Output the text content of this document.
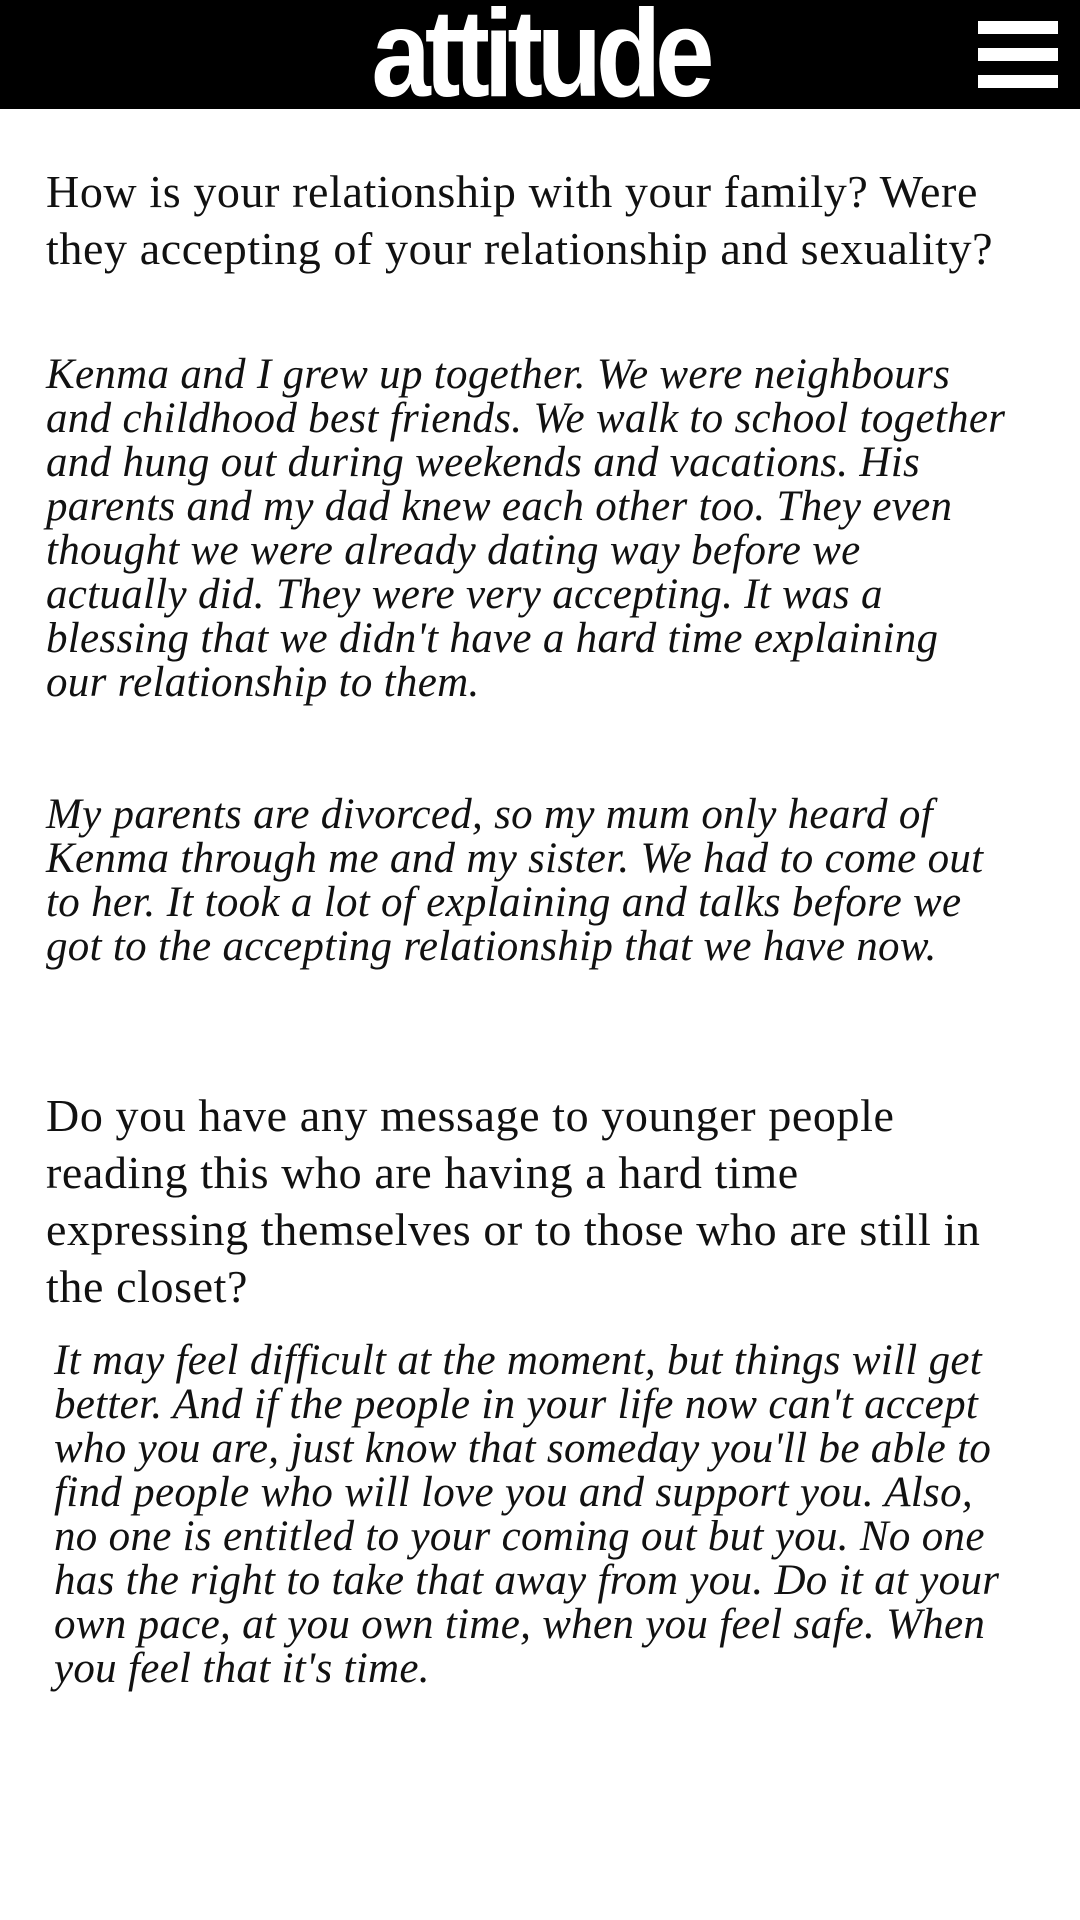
attitude
How is your relationship with your family? Were they accepting of your relationship and sexuality?

Kenma and I grew up together. We were neighbours and childhood best friends. We walk to school together and hung out during weekends and vacations. His parents and my dad knew each other too. They even thought we were already dating way before we actually did. They were very accepting. It was a blessing that we didn't have a hard time explaining our relationship to them.

My parents are divorced, so my mum only heard of Kenma through me and my sister. We had to come out to her. It took a lot of explaining and talks before we got to the accepting relationship that we have now.

Do you have any message to younger people reading this who are having a hard time expressing themselves or to those who are still in the closet?

It may feel difficult at the moment, but things will get better. And if the people in your life now can't accept who you are, just know that someday you'll be able to find people who will love you and support you. Also, no one is entitled to your coming out but you. No one has the right to take that away from you. Do it at your own pace, at you own time, when you feel safe. When you feel that it's time.
